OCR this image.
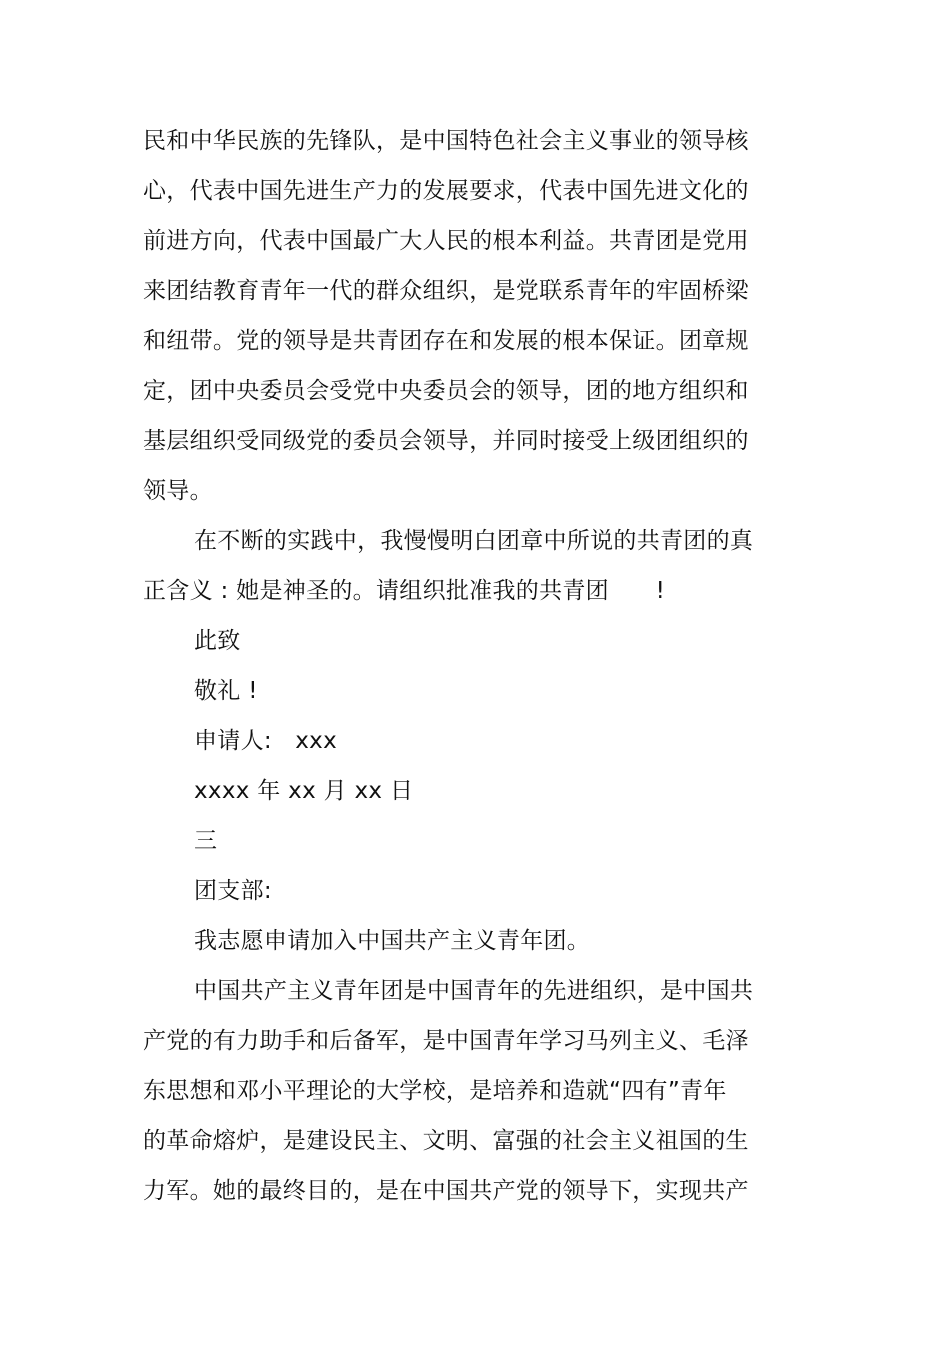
民和中华民族的先锋队，是中国特色社会主义事业的领导核
心，代表中国先进生产力的发展要求，代表中国先进文化的
前进方向，代表中国最广大人民的根本利益。共青团是党用
来团结教育青年一代的群众组织，是党联系青年的牢固桥梁
和纽带。党的领导是共青团存在和发展的根本保证。团章规
定，团中央委员会受党中央委员会的领导，团的地方组织和
基层组织受同级党的委员会领导，并同时接受上级团组织的
领导。
在不断的实践中，我慢慢明白团章中所说的共青团的真
正含义 : 她是神圣的。请组织批准我的共青团　　!
此致
敬礼 !
申请人:　xxx
xxxx 年 xx 月 xx 日
三
团支部:
我志愿申请加入中国共产主义青年团。
中国共产主义青年团是中国青年的先进组织，是中国共
产党的有力助手和后备军，是中国青年学习马列主义、毛泽
东思想和邓小平理论的大学校，是培养和造就“四有”青年
的革命熔炉，是建设民主、文明、富强的社会主义祖国的生
力军。她的最终目的，是在中国共产党的领导下，实现共产
